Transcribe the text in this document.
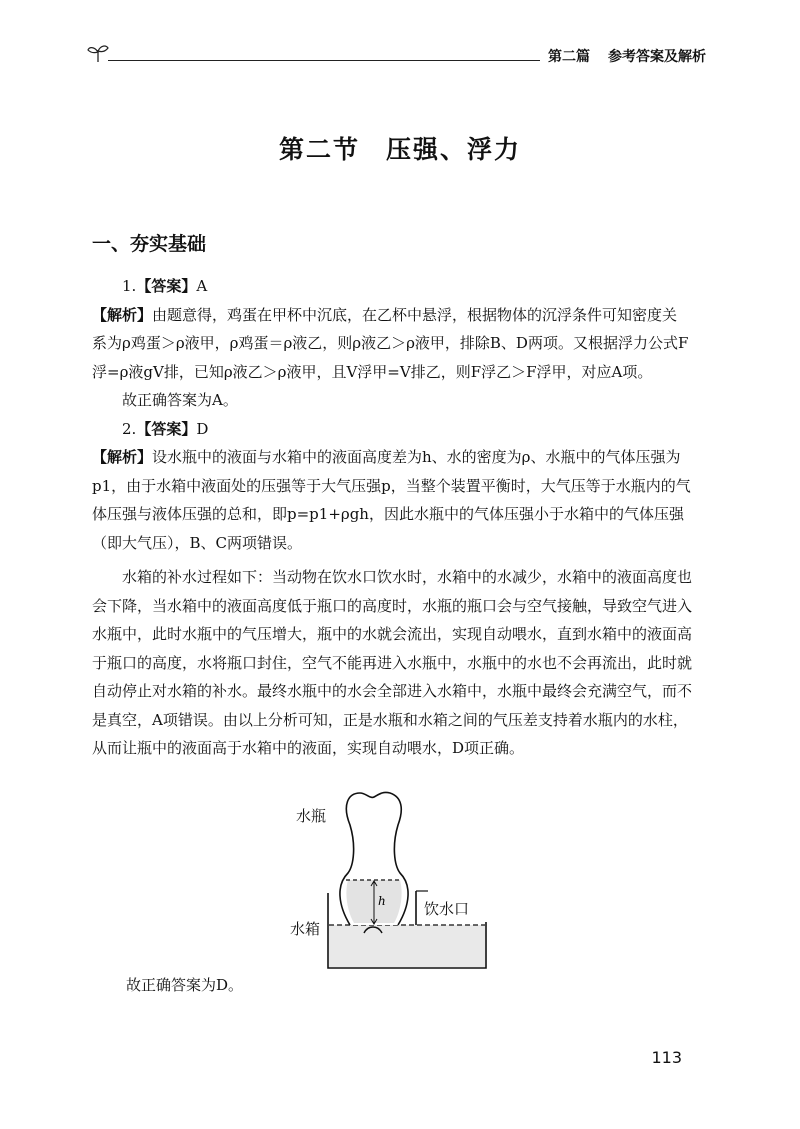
第二篇 参考答案及解析
第二节 压强、浮力
一、夯实基础

1.【答案】A

【解析】由题意得，鸡蛋在甲杯中沉底，在乙杯中悬浮，根据物体的沉浮条件可知密度关系为ρ鸡蛋＞ρ液甲，ρ鸡蛋＝ρ液乙，则ρ液乙＞ρ液甲，排除B、D两项。又根据浮力公式F浮=ρ液gV排，已知ρ液乙＞ρ液甲，且V浮甲=V排乙，则F浮乙＞F浮甲，对应A项。

故正确答案为A。

2.【答案】D

【解析】设水瓶中的液面与水箱中的液面高度差为h、水的密度为ρ、水瓶中的气体压强为p1，由于水箱中液面处的压强等于大气压强p，当整个装置平衡时，大气压等于水瓶内的气体压强与液体压强的总和，即p=p1+ρgh，因此水瓶中的气体压强小于水箱中的气体压强（即大气压），B、C两项错误。

水箱的补水过程如下：当动物在饮水口饮水时，水箱中的水减少，水箱中的液面高度也会下降，当水箱中的液面高度低于瓶口的高度时，水瓶的瓶口会与空气接触，导致空气进入水瓶中，此时水瓶中的气压增大，瓶中的水就会流出，实现自动喂水，直到水箱中的液面高于瓶口的高度，水将瓶口封住，空气不能再进入水瓶中，水瓶中的水也不会再流出，此时就自动停止对水箱的补水。最终水瓶中的水会全部进入水箱中，水瓶中最终会充满空气，而不是真空，A项错误。由以上分析可知，正是水瓶和水箱之间的气压差支持着水瓶内的水柱，从而让瓶中的液面高于水箱中的液面，实现自动喂水，D项正确。

h
水瓶
水箱
饮水口
故正确答案为D。
113
